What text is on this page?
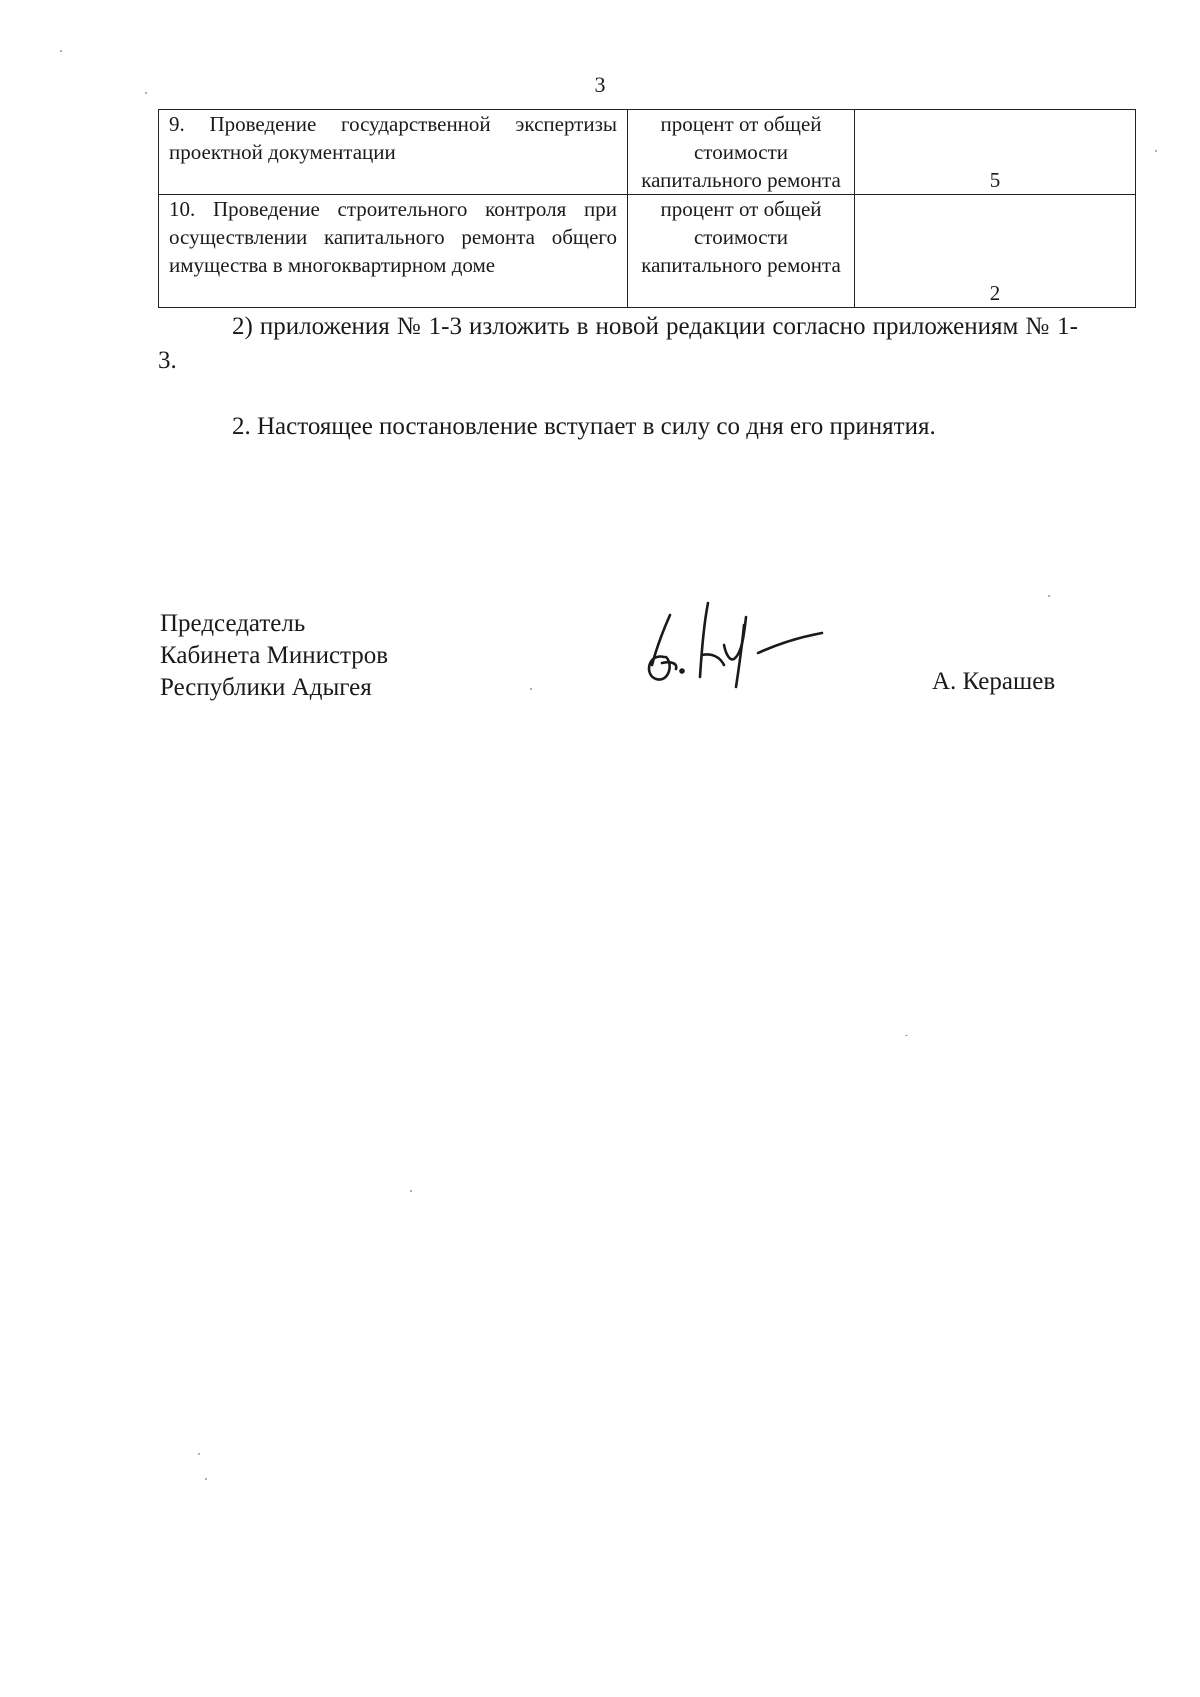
3
9. Проведение государственной экспертизы проектной документации	процент от общей стоимости капитального ремонта	5
10. Проведение строительного контроля при осуществлении капитального ремонта общего имущества в многоквартирном доме	процент от общей стоимости капитального ремонта	2
2) приложения № 1-3 изложить в новой редакции согласно приложениям № 1-3.
2. Настоящее постановление вступает в силу со дня его принятия.
Председатель
Кабинета Министров
Республики Адыгея	А. Керашев
